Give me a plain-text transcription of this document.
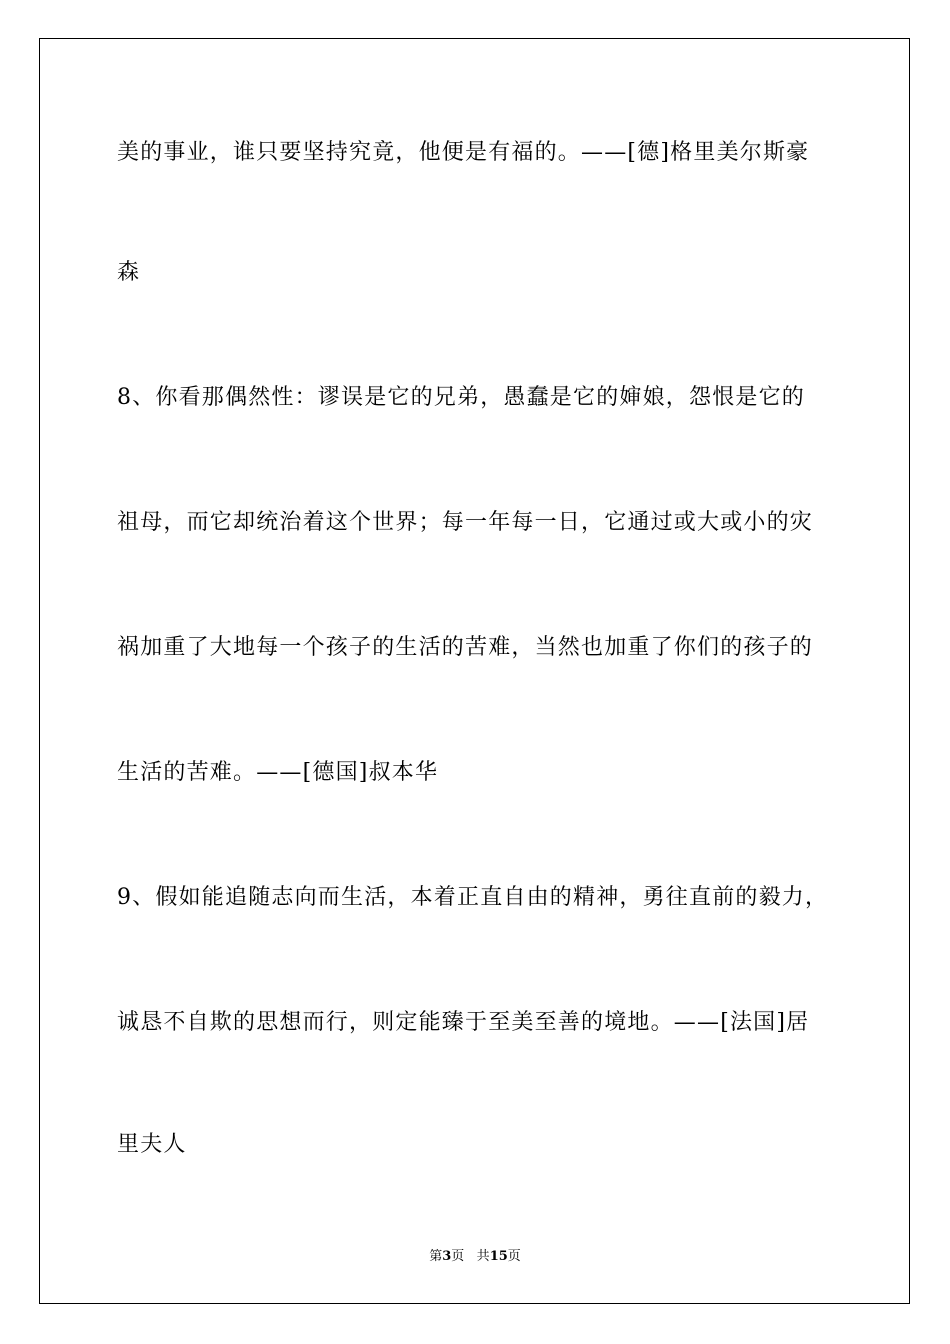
美的事业，谁只要坚持究竟，他便是有福的。——[德]格里美尔斯豪
森
8、你看那偶然性：谬误是它的兄弟，愚蠢是它的婶娘，怨恨是它的
祖母，而它却统治着这个世界；每一年每一日，它通过或大或小的灾
祸加重了大地每一个孩子的生活的苦难，当然也加重了你们的孩子的
生活的苦难。——[德国]叔本华
9、假如能追随志向而生活，本着正直自由的精神，勇往直前的毅力，
诚恳不自欺的思想而行，则定能臻于至美至善的境地。——[法国]居
里夫人
第3页 共15页
